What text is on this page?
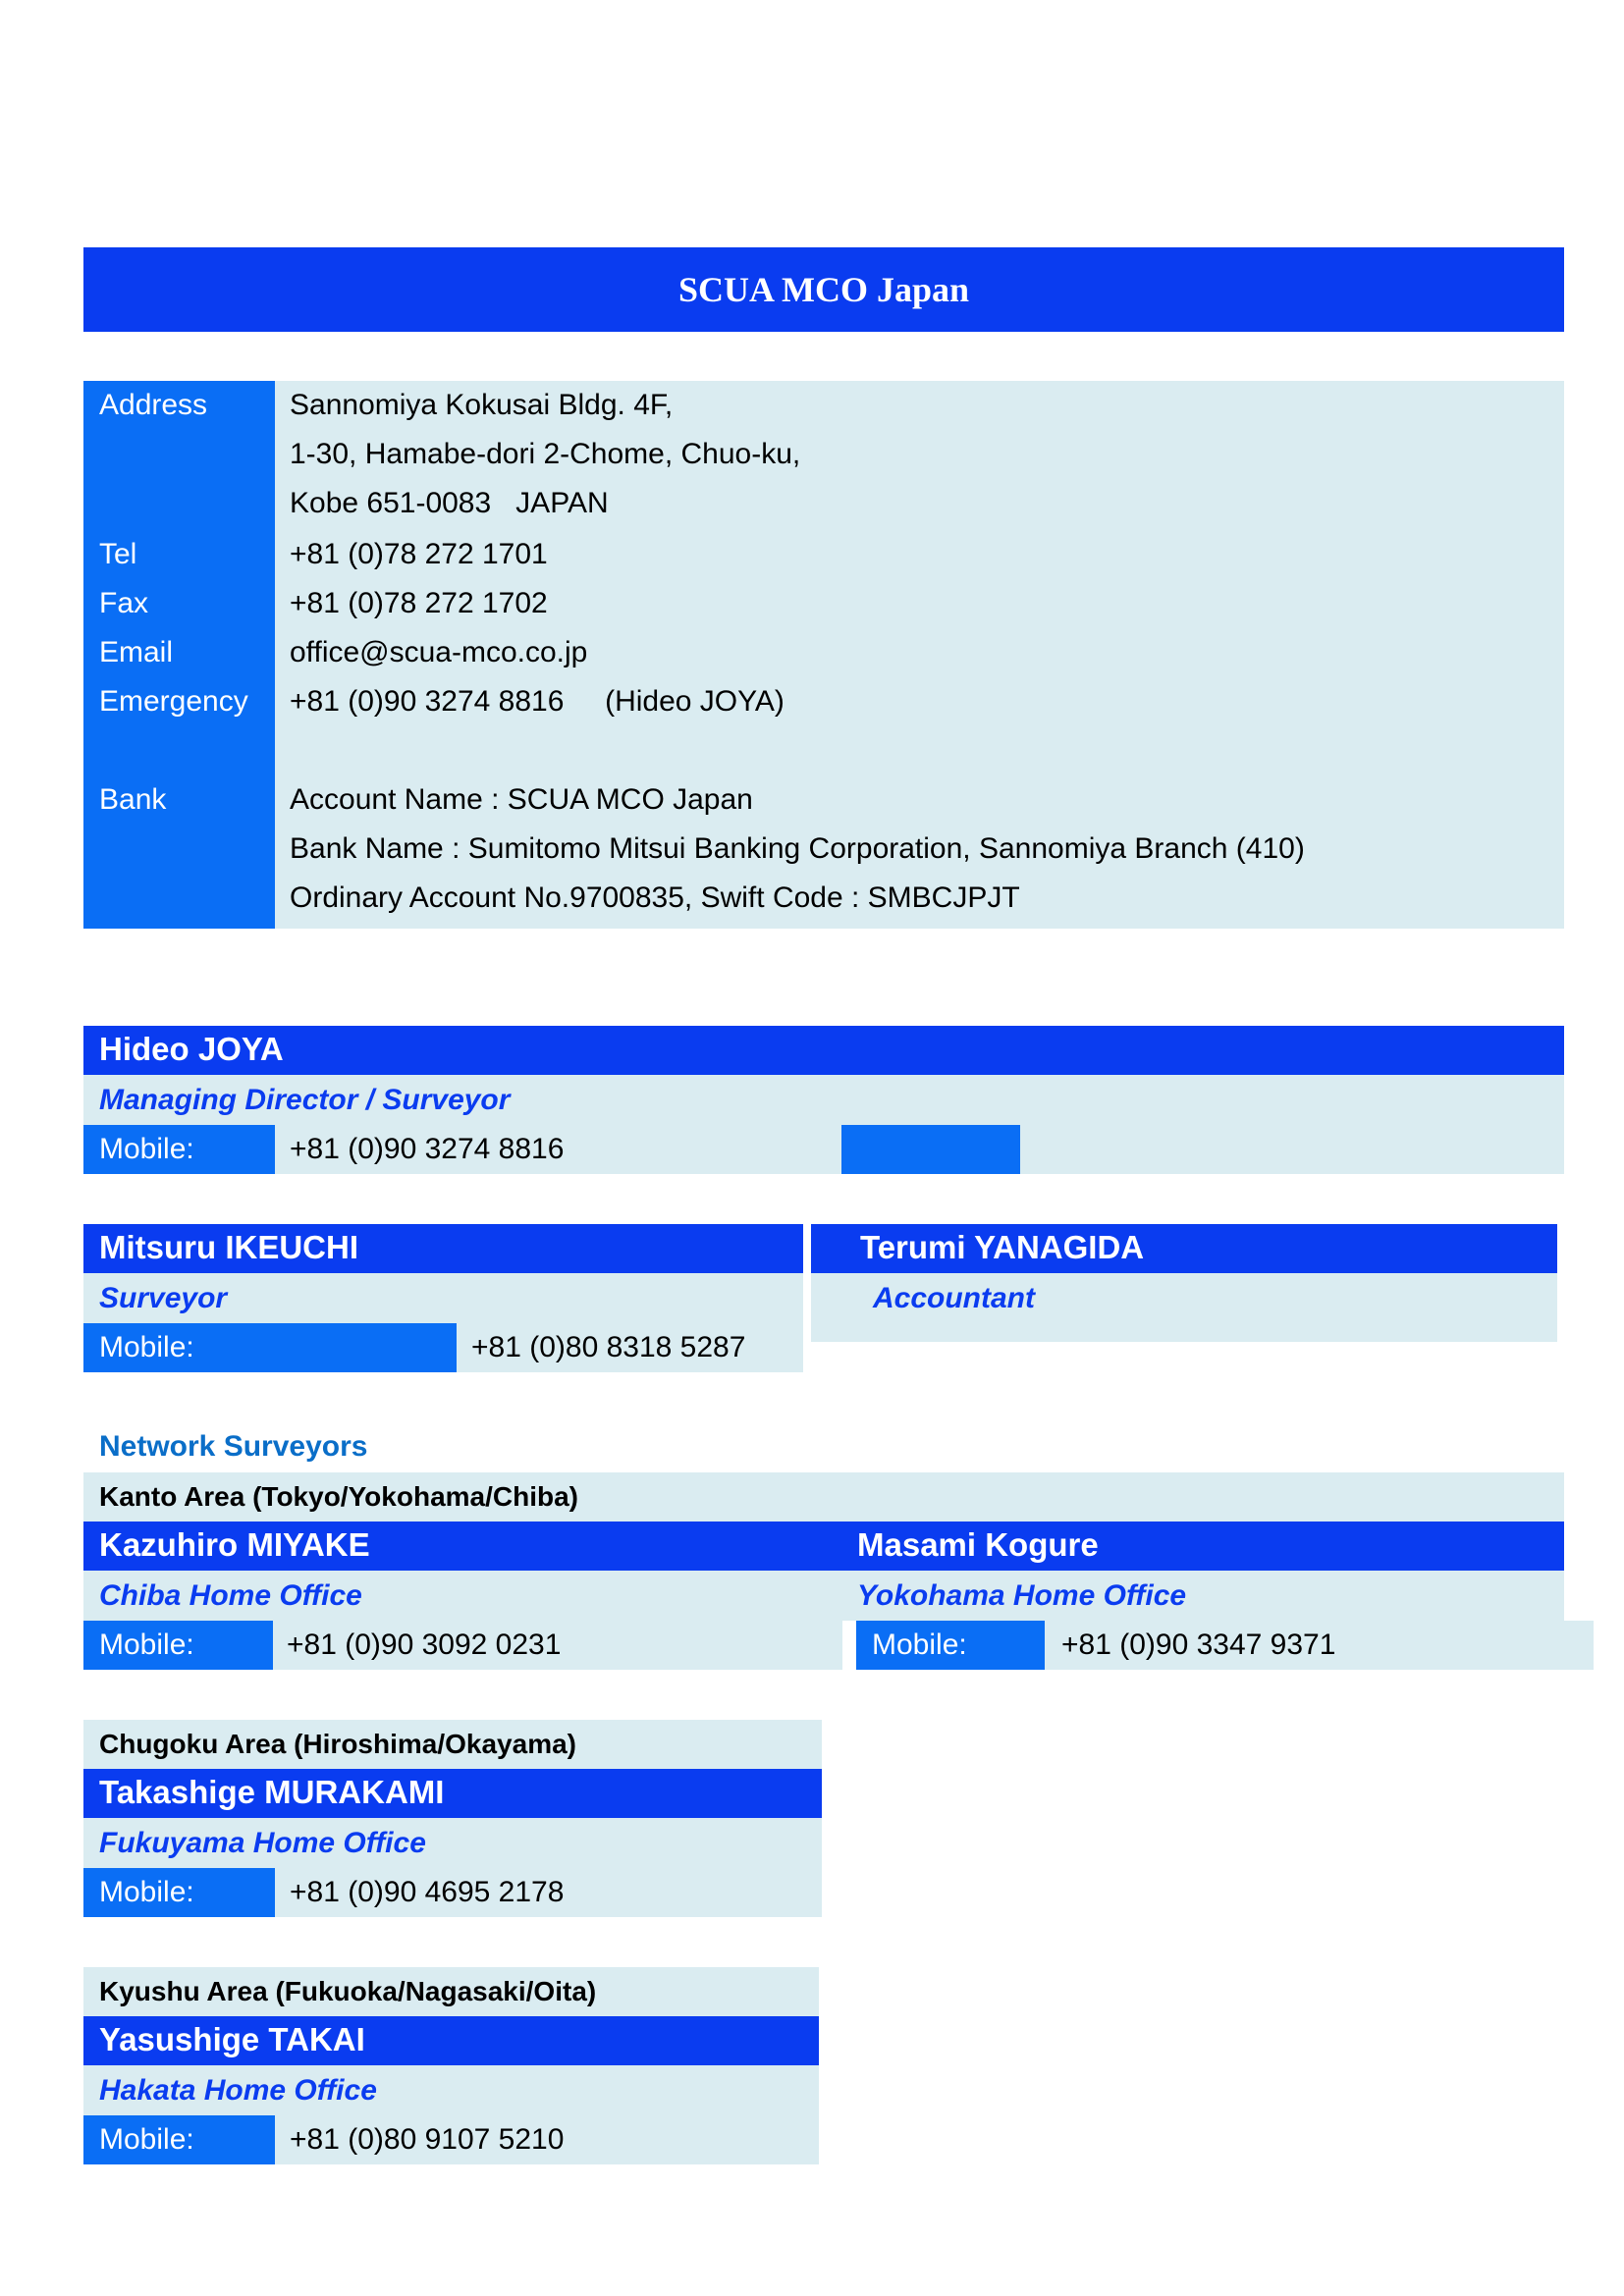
SCUA MCO Japan
Address	Sannomiya Kokusai Bldg. 4F,
1-30, Hamabe-dori 2-Chome, Chuo-ku,
Kobe 651-0083   JAPAN
Tel	+81 (0)78 272 1701
Fax	+81 (0)78 272 1702
Email	office@scua-mco.co.jp
Emergency +81 (0)90 3274 8816     (Hideo JOYA)
Bank	Account Name : SCUA MCO Japan
Bank Name : Sumitomo Mitsui Banking Corporation, Sannomiya Branch (410)
Ordinary Account No.9700835, Swift Code : SMBCJPJT
Hideo JOYA
Managing Director / Surveyor
Mobile:	+81 (0)90 3274 8816
Mitsuru IKEUCHI
Surveyor
Mobile:	+81 (0)80 8318 5287
Terumi YANAGIDA
Accountant
Network Surveyors
Kanto Area (Tokyo/Yokohama/Chiba)
Kazuhiro MIYAKE	Masami Kogure
Chiba Home Office	Yokohama Home Office
Mobile:	+81 (0)90 3092 0231	Mobile:	+81 (0)90 3347 9371
Chugoku Area (Hiroshima/Okayama)
Takashige MURAKAMI
Fukuyama Home Office
Mobile:	+81 (0)90 4695 2178
Kyushu Area (Fukuoka/Nagasaki/Oita)
Yasushige TAKAI
Hakata Home Office
Mobile:	+81 (0)80 9107 5210
